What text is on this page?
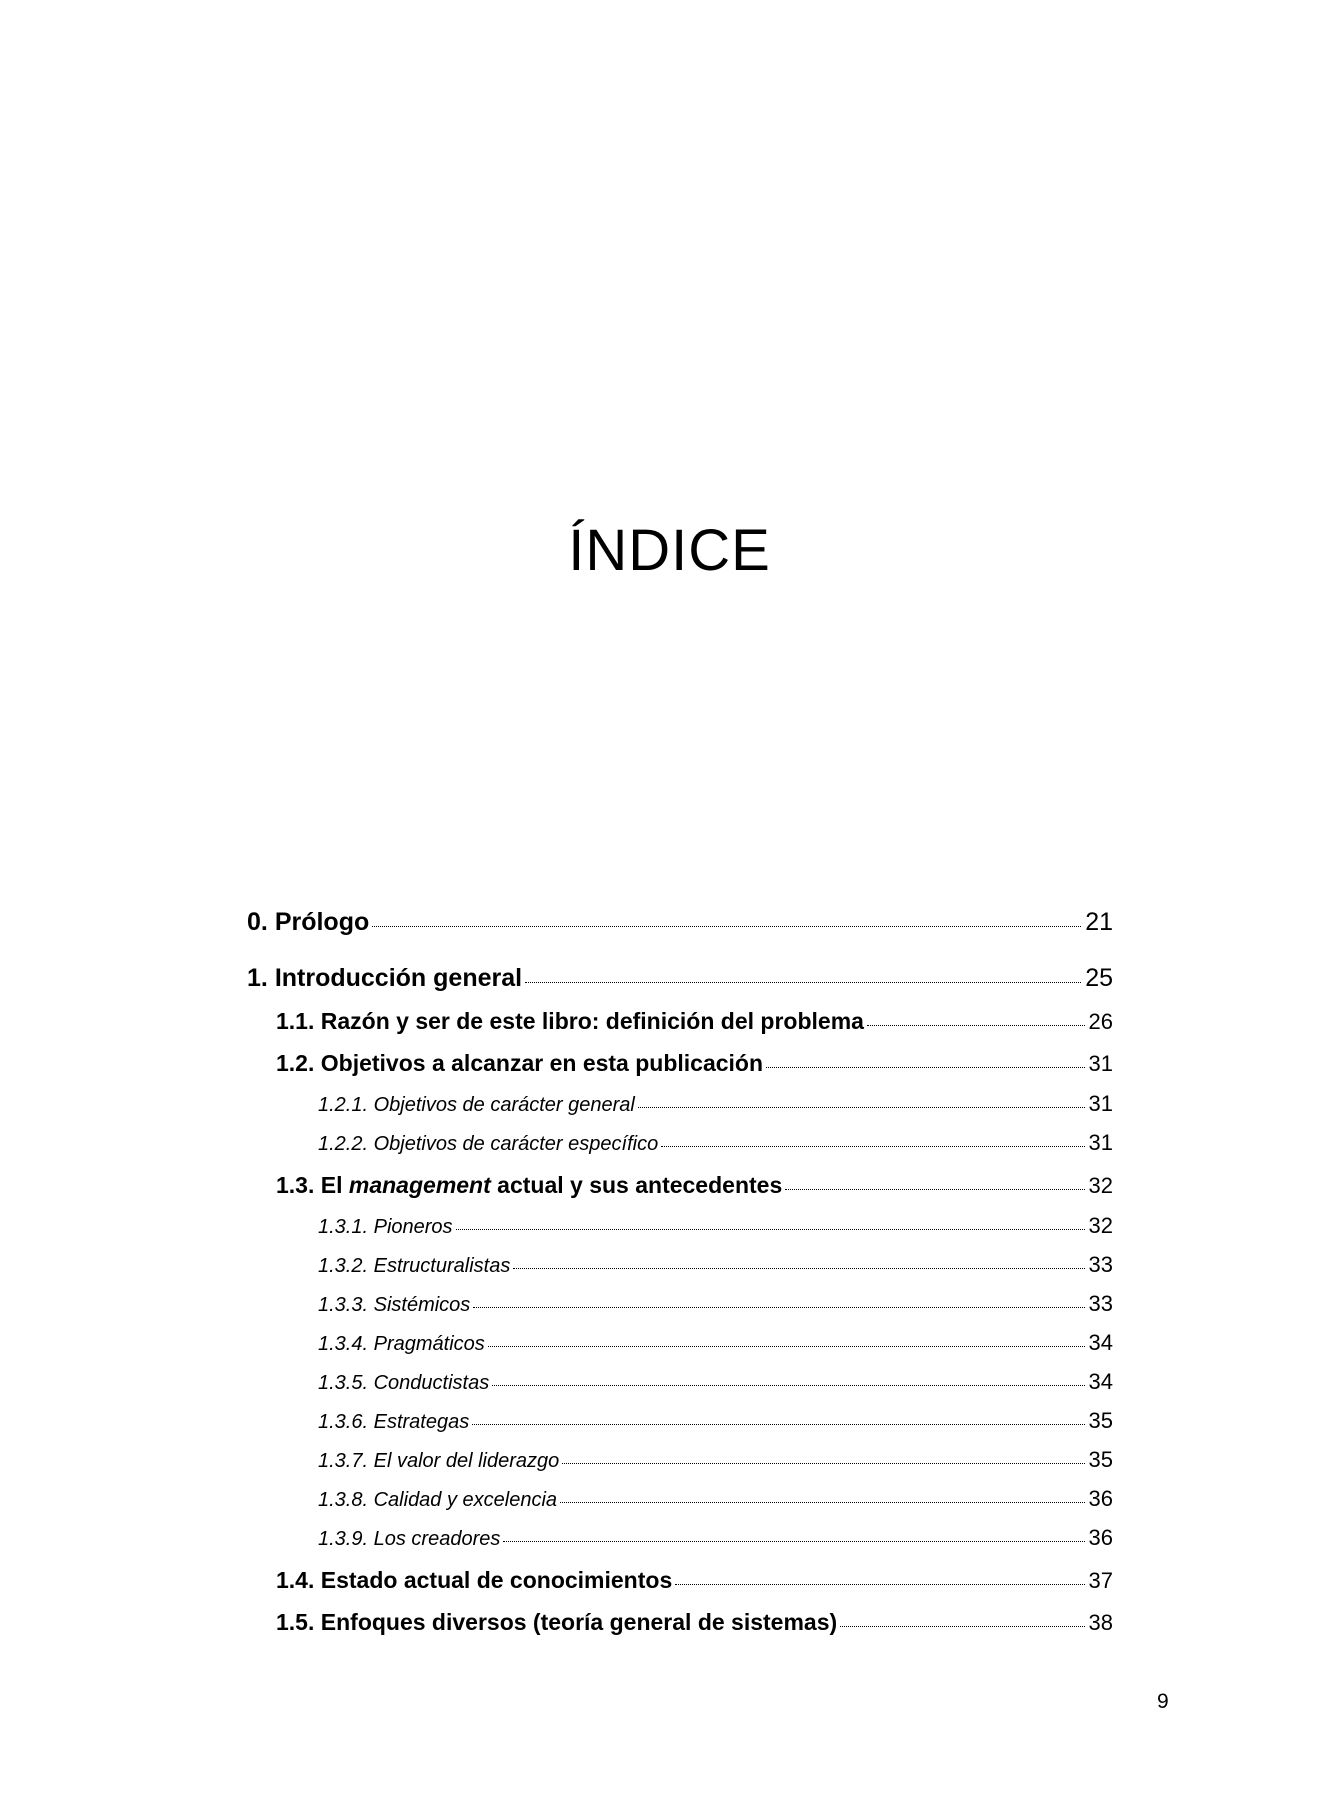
ÍNDICE
0. Prólogo	21
1. Introducción general	25
1.1. Razón y ser de este libro: definición del problema	26
1.2. Objetivos a alcanzar en esta publicación	31
1.2.1. Objetivos de carácter general	31
1.2.2. Objetivos de carácter específico	31
1.3. El management actual y sus antecedentes	32
1.3.1. Pioneros	32
1.3.2. Estructuralistas	33
1.3.3. Sistémicos	33
1.3.4. Pragmáticos	34
1.3.5. Conductistas	34
1.3.6. Estrategas	35
1.3.7. El valor del liderazgo	35
1.3.8. Calidad y excelencia	36
1.3.9. Los creadores	36
1.4. Estado actual de conocimientos	37
1.5. Enfoques diversos (teoría general de sistemas)	38
9
